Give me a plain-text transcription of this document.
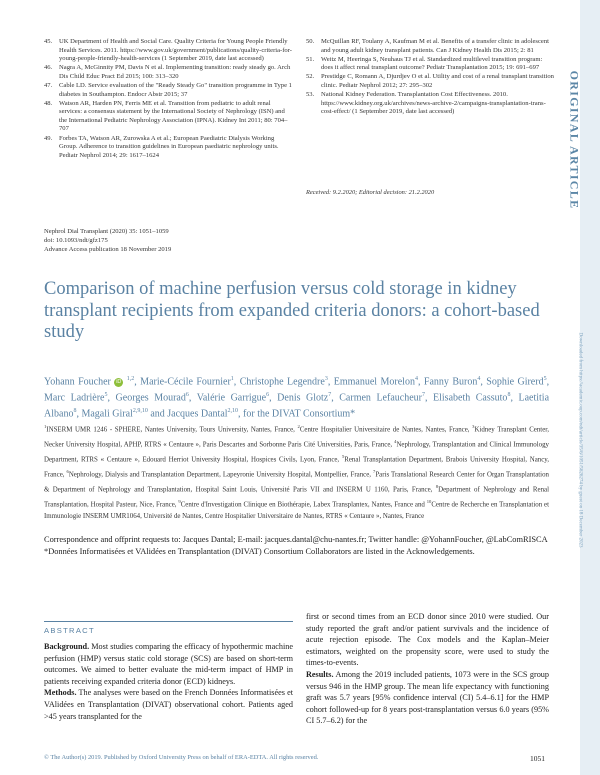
45.	UK Department of Health and Social Care. Quality Criteria for Young People Friendly Health Services. 2011. https://www.gov.uk/government/publications/quality-criteria-for-young-people-friendly-health-services (1 September 2019, date last accessed)
46.	Nagra A, McGinnity PM, Davis N et al. Implementing transition: ready steady go. Arch Dis Child Educ Pract Ed 2015; 100: 313–320
47.	Cable LD. Service evaluation of the "Ready Steady Go" transition programme in Type 1 diabetes in Southampton. Endocr Abstr 2015; 37
48.	Watson AR, Harden PN, Ferris ME et al. Transition from pediatric to adult renal services: a consensus statement by the International Society of Nephrology (ISN) and the International Pediatric Nephrology Association (IPNA). Kidney Int 2011; 80: 704–707
49.	Forbes TA, Watson AR, Zurowska A et al.; European Paediatric Dialysis Working Group. Adherence to transition guidelines in European paediatric nephrology units. Pediatr Nephrol 2014; 29: 1617–1624
50.	McQuillan RF, Toulany A, Kaufman M et al. Benefits of a transfer clinic in adolescent and young adult kidney transplant patients. Can J Kidney Health Dis 2015; 2: 81
51.	Weitz M, Heeringa S, Neuhaus TJ et al. Standardized multilevel transition program: does it affect renal transplant outcome? Pediatr Transplantation 2015; 19: 691–697
52.	Prestidge C, Romann A, Djurdjev O et al. Utility and cost of a renal transplant transition clinic. Pediatr Nephrol 2012; 27: 295–302
53.	National Kidney Federation. Transplantation Cost Effectiveness. 2010. https://www.kidney.org.uk/archives/news-archive-2/campaigns-transplantation-trans-cost-effect/ (1 September 2019, date last accessed)
Received: 9.2.2020; Editorial decision: 21.2.2020	ORIGINAL ARTICLE
Downloaded from https://academic.oup.com/ndt/article/35/6/1051/5626274 by guest on 18 December 2023
Nephrol Dial Transplant (2020) 35: 1051–1059
doi: 10.1093/ndt/gfz175
Advance Access publication 18 November 2019
Comparison of machine perfusion versus cold storage in kidney transplant recipients from expanded criteria donors: a cohort-based study
Yohann Foucher iD $^{1,2}$, Marie-Cécile Fournier$^1$, Christophe Legendre$^3$, Emmanuel Morelon$^4$, Fanny Buron$^4$, Sophie Girerd$^5$, Marc Ladrière$^5$, Georges Mourad$^6$, Valérie Garrigue$^6$, Denis Glotz$^7$, Carmen Lefaucheur$^7$, Elisabeth Cassuto$^8$, Laetitia Albano$^8$, Magali Giral$^{2,9,10}$ and Jacques Dantal$^{2,10}$, for the DIVAT Consortium*
$^1$INSERM UMR 1246 - SPHERE, Nantes University, Tours University, Nantes, France, $^2$Centre Hospitalier Universitaire de Nantes, Nantes, France, $^3$Kidney Transplant Center, Necker University Hospital, APHP, RTRS « Centaure », Paris Descartes and Sorbonne Paris Cité Universities, Paris, France, $^4$Nephrology, Transplantation and Clinical Immunology Department, RTRS « Centaure », Edouard Herriot University Hospital, Hospices Civils, Lyon, France, $^5$Renal Transplantation Department, Brabois University Hospital, Nancy, France, $^6$Nephrology, Dialysis and Transplantation Department, Lapeyronie University Hospital, Montpellier, France, $^7$Paris Translational Research Center for Organ Transplantation & Department of Nephrology and Transplantation, Hospital Saint Louis, Université Paris VII and INSERM U 1160, Paris, France, $^8$Department of Nephrology and Renal Transplantation, Hospital Pasteur, Nice, France, $^9$Centre d'Investigation Clinique en Biothérapie, Labex Transplantex, Nantes, France and $^{10}$Centre de Recherche en Transplantation et Immunologie INSERM UMR1064, Université de Nantes, Centre Hospitalier Universitaire de Nantes, RTRS « Centaure », Nantes, France

Correspondence and offprint requests to: Jacques Dantal; E-mail: jacques.dantal@chu-nantes.fr; Twitter handle: @YohannFoucher, @LabComRISCA

*Données Informatisées et VAlidées en Transplantation (DIVAT) Consortium Collaborators are listed in the Acknowledgements.

ABSTRACT

Background. Most studies comparing the efficacy of hypothermic machine perfusion (HMP) versus static cold storage (SCS) are based on short-term outcomes. We aimed to better evaluate the mid-term impact of HMP in patients receiving expanded criteria donor (ECD) kidneys.

Methods. The analyses were based on the French Données Informatisées et VAlidées en Transplantation (DIVAT) observational cohort. Patients aged >45 years transplanted for the

first or second times from an ECD donor since 2010 were studied. Our study reported the graft and/or patient survivals and the incidence of acute rejection episode. The Cox models and the Kaplan–Meier estimators, weighted on the propensity score, were used to study the times-to-events.

Results. Among the 2019 included patients, 1073 were in the SCS group versus 946 in the HMP group. The mean life expectancy with functioning graft was 5.7 years [95% confidence interval (CI) 5.4–6.1] for the HMP cohort followed-up for 8 years post-transplantation versus 6.0 years (95% CI 5.7–6.2) for the

© The Author(s) 2019. Published by Oxford University Press on behalf of ERA-EDTA. All rights reserved.	1051
